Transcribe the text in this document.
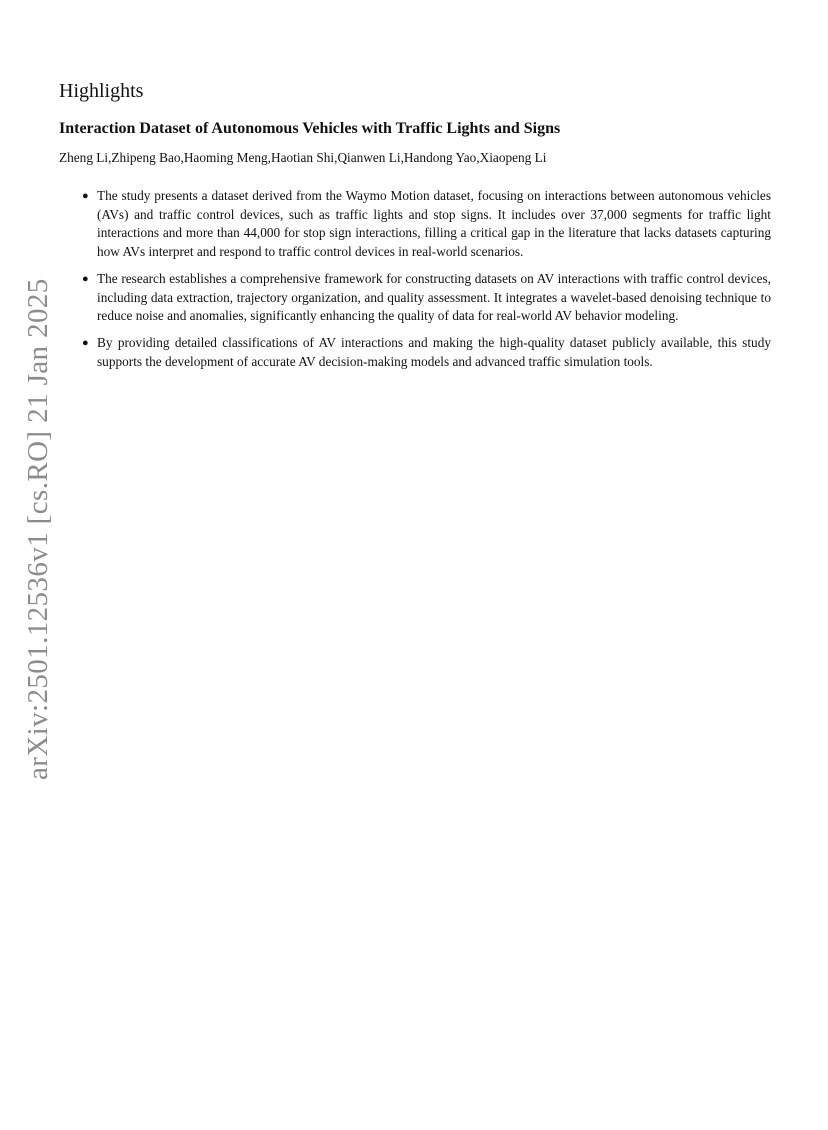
arXiv:2501.12536v1 [cs.RO] 21 Jan 2025
Highlights
Interaction Dataset of Autonomous Vehicles with Traffic Lights and Signs

Zheng Li,Zhipeng Bao,Haoming Meng,Haotian Shi,Qianwen Li,Handong Yao,Xiaopeng Li

● The study presents a dataset derived from the Waymo Motion dataset, focusing on interactions between autonomous vehicles (AVs) and traffic control devices, such as traffic lights and stop signs. It includes over 37,000 segments for traffic light interactions and more than 44,000 for stop sign interactions, filling a critical gap in the literature that lacks datasets capturing how AVs interpret and respond to traffic control devices in real-world scenarios.
● The research establishes a comprehensive framework for constructing datasets on AV interactions with traffic control devices, including data extraction, trajectory organization, and quality assessment. It integrates a wavelet-based denoising technique to reduce noise and anomalies, significantly enhancing the quality of data for real-world AV behavior modeling.
● By providing detailed classifications of AV interactions and making the high-quality dataset publicly available, this study supports the development of accurate AV decision-making models and advanced traffic simulation tools.
